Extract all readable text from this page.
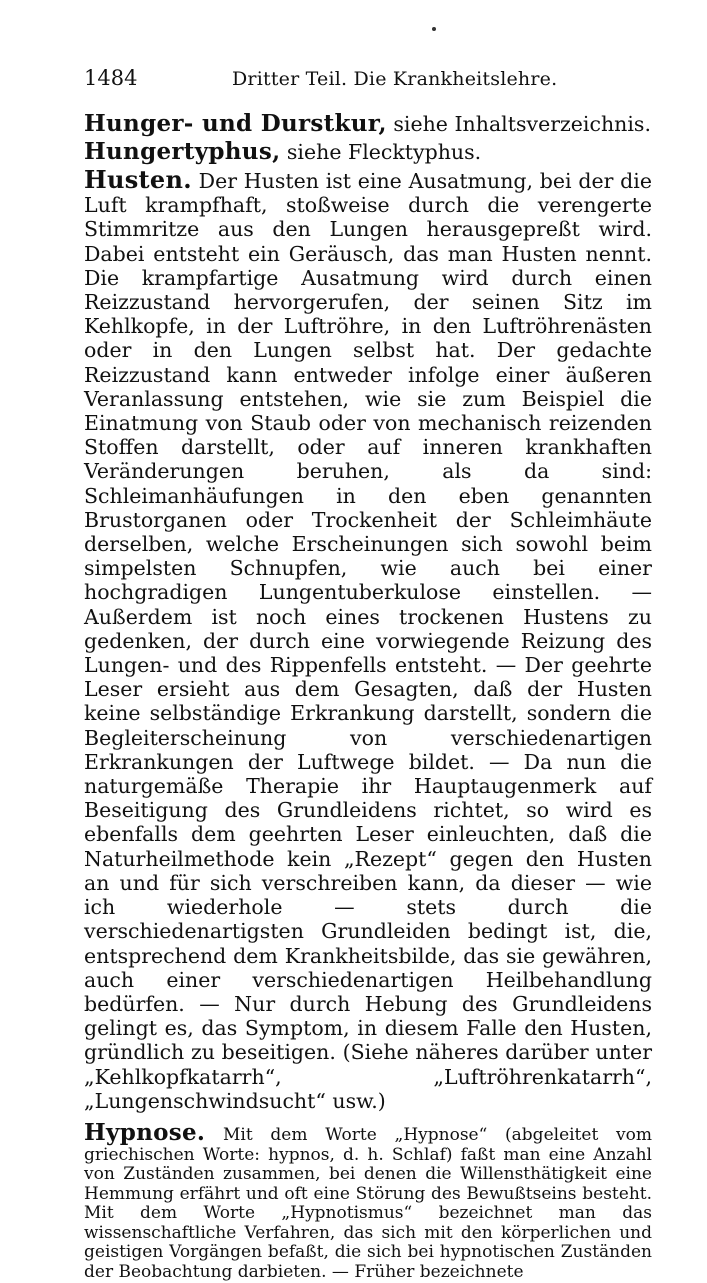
1484	Dritter Teil. Die Krankheitslehre.

Hunger- und Durstkur, siehe Inhaltsverzeichnis.

Hungertyphus, siehe Flecktyphus.

Husten. Der Husten ist eine Ausatmung, bei der die Luft krampfhaft, stoßweise durch die verengerte Stimmritze aus den Lungen herausgepreßt wird. Dabei entsteht ein Geräusch, das man Husten nennt. Die krampfartige Ausatmung wird durch einen Reizzustand hervorgerufen, der seinen Sitz im Kehlkopfe, in der Luftröhre, in den Luftröhrenästen oder in den Lungen selbst hat. Der gedachte Reizzustand kann entweder infolge einer äußeren Veranlassung entstehen, wie sie zum Beispiel die Einatmung von Staub oder von mechanisch reizenden Stoffen darstellt, oder auf inneren krankhaften Veränderungen beruhen, als da sind: Schleimanhäufungen in den eben genannten Brustorganen oder Trockenheit der Schleimhäute derselben, welche Erscheinungen sich sowohl beim simpelsten Schnupfen, wie auch bei einer hochgradigen Lungentuberkulose einstellen. — Außerdem ist noch eines trockenen Hustens zu gedenken, der durch eine vorwiegende Reizung des Lungen- und des Rippenfells entsteht. — Der geehrte Leser ersieht aus dem Gesagten, daß der Husten keine selbständige Erkrankung darstellt, sondern die Begleiterscheinung von verschiedenartigen Erkrankungen der Luftwege bildet. — Da nun die naturgemäße Therapie ihr Hauptaugenmerk auf Beseitigung des Grundleidens richtet, so wird es ebenfalls dem geehrten Leser einleuchten, daß die Naturheilmethode kein „Rezept“ gegen den Husten an und für sich verschreiben kann, da dieser — wie ich wiederhole — stets durch die verschiedenartigsten Grundleiden bedingt ist, die, entsprechend dem Krankheitsbilde, das sie gewähren, auch einer verschiedenartigen Heilbehandlung bedürfen. — Nur durch Hebung des Grundleidens gelingt es, das Symptom, in diesem Falle den Husten, gründlich zu beseitigen. (Siehe näheres darüber unter „Kehlkopfkatarrh“, „Luftröhrenkatarrh“, „Lungenschwindsucht“ usw.)

Hypnose. Mit dem Worte „Hypnose“ (abgeleitet vom griechischen Worte: hypnos, d. h. Schlaf) faßt man eine Anzahl von Zuständen zusammen, bei denen die Willensthätigkeit eine Hemmung erfährt und oft eine Störung des Bewußtseins besteht. Mit dem Worte „Hypnotismus“ bezeichnet man das wissenschaftliche Verfahren, das sich mit den körperlichen und geistigen Vorgängen befaßt, die sich bei hypnotischen Zuständen der Beobachtung darbieten. — Früher bezeichnete
